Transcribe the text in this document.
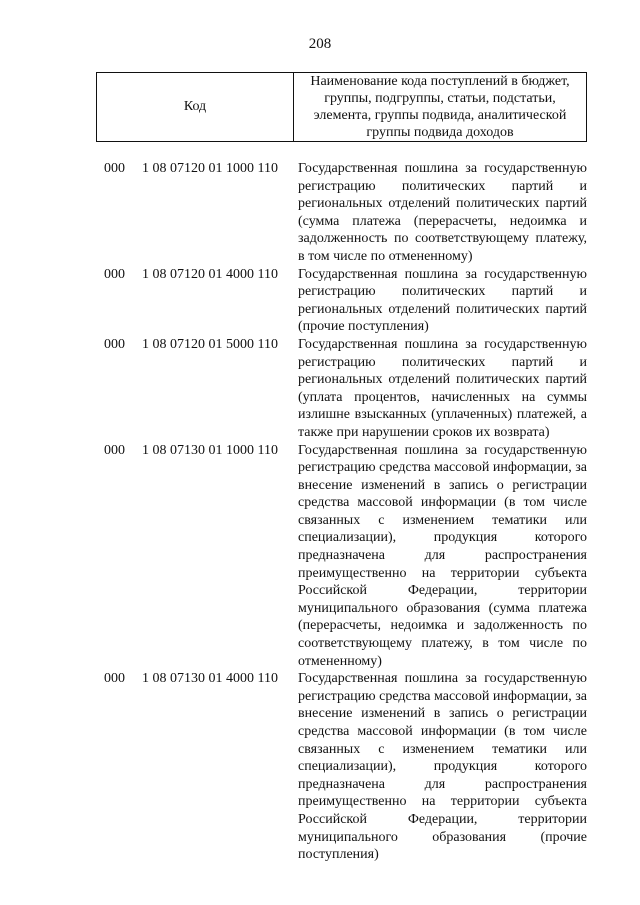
208
Код
Наименование кода поступлений в бюджет, группы, подгруппы, статьи, подстатьи, элемента, группы подвида, аналитической группы подвида доходов
000 1 08 07120 01 1000 110 Государственная пошлина за государственную регистрацию политических партий и региональных отделений политических партий (сумма платежа (перерасчеты, недоимка и задолженность по соответствующему платежу, в том числе по отмененному)
000 1 08 07120 01 4000 110 Государственная пошлина за государственную регистрацию политических партий и региональных отделений политических партий (прочие поступления)
000 1 08 07120 01 5000 110 Государственная пошлина за государственную регистрацию политических партий и региональных отделений политических партий (уплата процентов, начисленных на суммы излишне взысканных (уплаченных) платежей, а также при нарушении сроков их возврата)
000 1 08 07130 01 1000 110 Государственная пошлина за государственную регистрацию средства массовой информации, за внесение изменений в запись о регистрации средства массовой информации (в том числе связанных с изменением тематики или специализации), продукция которого предназначена для распространения преимущественно на территории субъекта Российской Федерации, территории муниципального образования (сумма платежа (перерасчеты, недоимка и задолженность по соответствующему платежу, в том числе по отмененному)
000 1 08 07130 01 4000 110 Государственная пошлина за государственную регистрацию средства массовой информации, за внесение изменений в запись о регистрации средства массовой информации (в том числе связанных с изменением тематики или специализации), продукция которого предназначена для распространения преимущественно на территории субъекта Российской Федерации, территории муниципального образования (прочие поступления)
